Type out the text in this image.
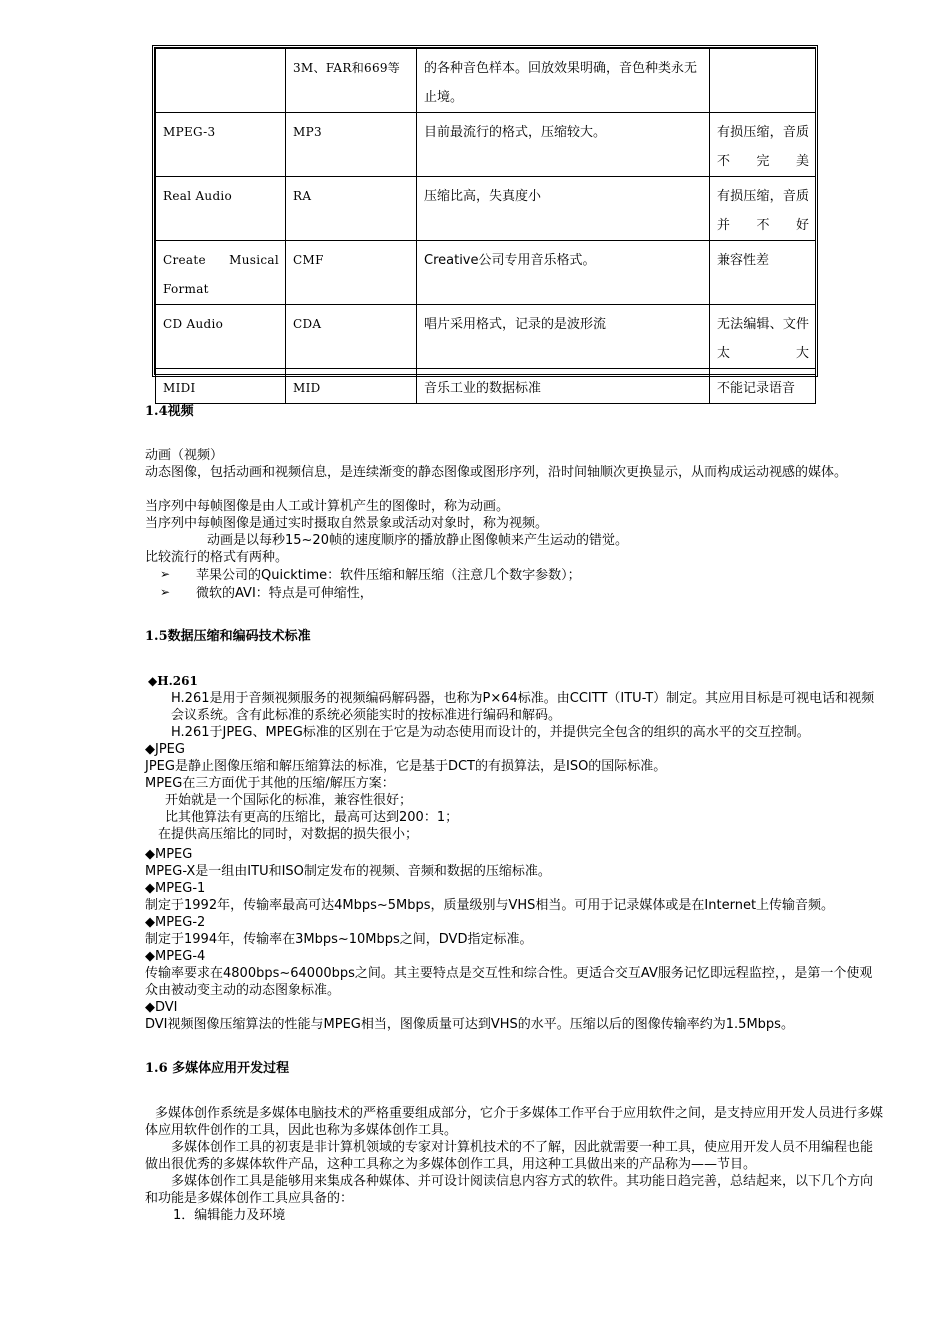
	3M、FAR和669等	的各种音色样本。回放效果明确，音色种类永无止境。	
MPEG-3	MP3	目前最流行的格式，压缩较大。	有损压缩，音质不完美
Real Audio	RA	压缩比高，失真度小	有损压缩，音质并不好
Create Musical Format	CMF	Creative公司专用音乐格式。	兼容性差
CD Audio	CDA	唱片采用格式，记录的是波形流	无法编辑、文件太大
MIDI	MID	音乐工业的数据标准	不能记录语音
1.4视频
动画（视频）
动态图像，包括动画和视频信息，是连续渐变的静态图像或图形序列，沿时间轴顺次更换显示，从而构成运动视感的媒体。
当序列中每帧图像是由人工或计算机产生的图像时，称为动画。
当序列中每帧图像是通过实时摄取自然景象或活动对象时，称为视频。
动画是以每秒15~20帧的速度顺序的播放静止图像帧来产生运动的错觉。
比较流行的格式有两种。
➢ 苹果公司的Quicktime：软件压缩和解压缩（注意几个数字参数）；
➢ 微软的AVI：特点是可伸缩性，
1.5数据压缩和编码技术标准
◆H.261
H.261是用于音频视频服务的视频编码解码器，也称为P×64标准。由CCITT（ITU-T）制定。其应用目标是可视电话和视频会议系统。含有此标准的系统必须能实时的按标准进行编码和解码。
H.261于JPEG、MPEG标准的区别在于它是为动态使用而设计的，并提供完全包含的组织的高水平的交互控制。
◆JPEG
JPEG是静止图像压缩和解压缩算法的标准，它是基于DCT的有损算法，是ISO的国际标准。
MPEG在三方面优于其他的压缩/解压方案：
开始就是一个国际化的标准，兼容性很好；
比其他算法有更高的压缩比，最高可达到200：1；
在提供高压缩比的同时，对数据的损失很小；
◆MPEG
MPEG-X是一组由ITU和ISO制定发布的视频、音频和数据的压缩标准。
◆MPEG-1
制定于1992年，传输率最高可达4Mbps~5Mbps，质量级别与VHS相当。可用于记录媒体或是在Internet上传输音频。
◆MPEG-2
制定于1994年，传输率在3Mbps~10Mbps之间，DVD指定标准。
◆MPEG-4
传输率要求在4800bps~64000bps之间。其主要特点是交互性和综合性。更适合交互AV服务记忆即远程监控，，是第一个使观众由被动变主动的动态图象标准。
◆DVI
DVI视频图像压缩算法的性能与MPEG相当，图像质量可达到VHS的水平。压缩以后的图像传输率约为1.5Mbps。
1.6 多媒体应用开发过程
多媒体创作系统是多媒体电脑技术的严格重要组成部分，它介于多媒体工作平台于应用软件之间，是支持应用开发人员进行多媒体应用软件创作的工具，因此也称为多媒体创作工具。
多媒体创作工具的初衷是非计算机领域的专家对计算机技术的不了解，因此就需要一种工具，使应用开发人员不用编程也能做出很优秀的多媒体软件产品，这种工具称之为多媒体创作工具，用这种工具做出来的产品称为——节目。
多媒体创作工具是能够用来集成各种媒体、并可设计阅读信息内容方式的软件。其功能日趋完善，总结起来，以下几个方向和功能是多媒体创作工具应具备的：
1．编辑能力及环境
